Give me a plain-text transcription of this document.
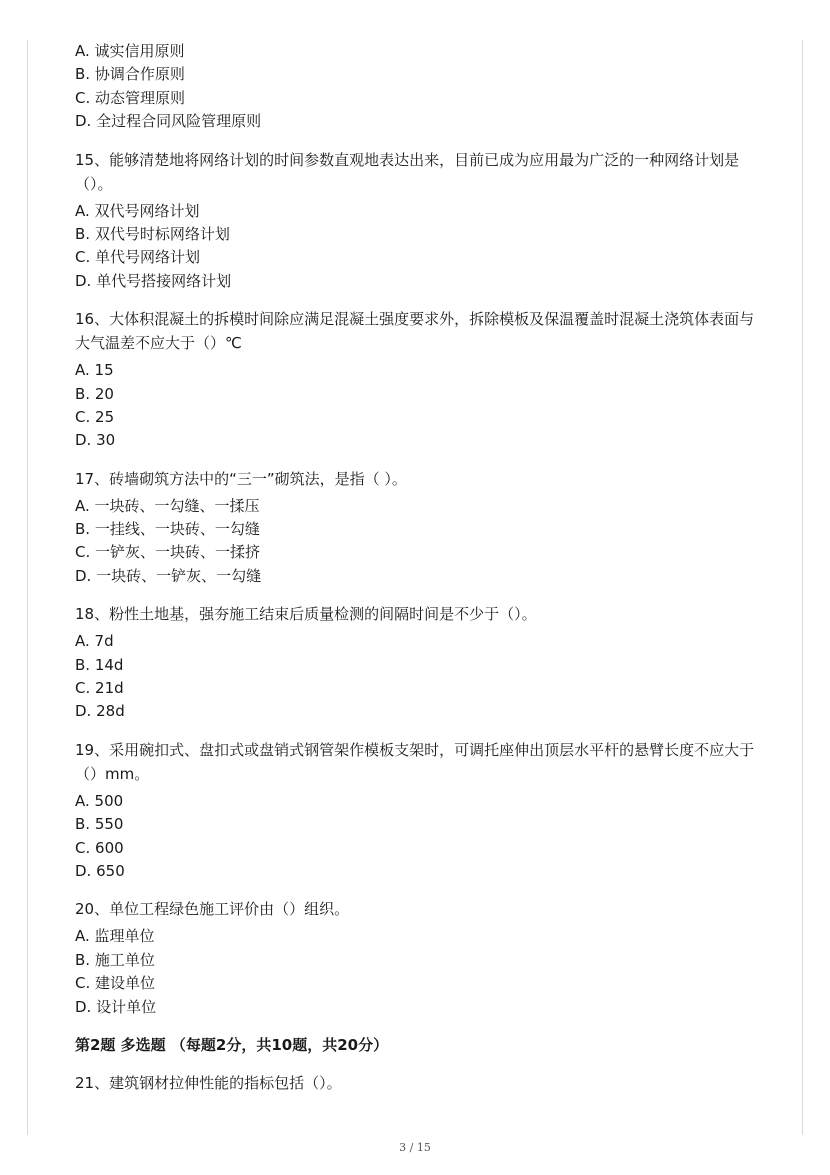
A. 诚实信用原则
B. 协调合作原则
C. 动态管理原则
D. 全过程合同风险管理原则
15、能够清楚地将网络计划的时间参数直观地表达出来，目前已成为应用最为广泛的一种网络计划是（）。
A. 双代号网络计划
B. 双代号时标网络计划
C. 单代号网络计划
D. 单代号搭接网络计划
16、大体积混凝土的拆模时间除应满足混凝土强度要求外，拆除模板及保温覆盖时混凝土浇筑体表面与大气温差不应大于（）℃
A. 15
B. 20
C. 25
D. 30
17、砖墙砌筑方法中的“三一”砌筑法，是指（ ）。
A. 一块砖、一勾缝、一揉压
B. 一挂线、一块砖、一勾缝
C. 一铲灰、一块砖、一揉挤
D. 一块砖、一铲灰、一勾缝
18、粉性土地基，强夯施工结束后质量检测的间隔时间是不少于（）。
A. 7d
B. 14d
C. 21d
D. 28d
19、采用碗扣式、盘扣式或盘销式钢管架作模板支架时，可调托座伸出顶层水平杆的悬臂长度不应大于（）mm。
A. 500
B. 550
C. 600
D. 650
20、单位工程绿色施工评价由（）组织。
A. 监理单位
B. 施工单位
C. 建设单位
D. 设计单位
第2题 多选题 （每题2分，共10题，共20分）
21、建筑钢材拉伸性能的指标包括（）。
3 / 15
